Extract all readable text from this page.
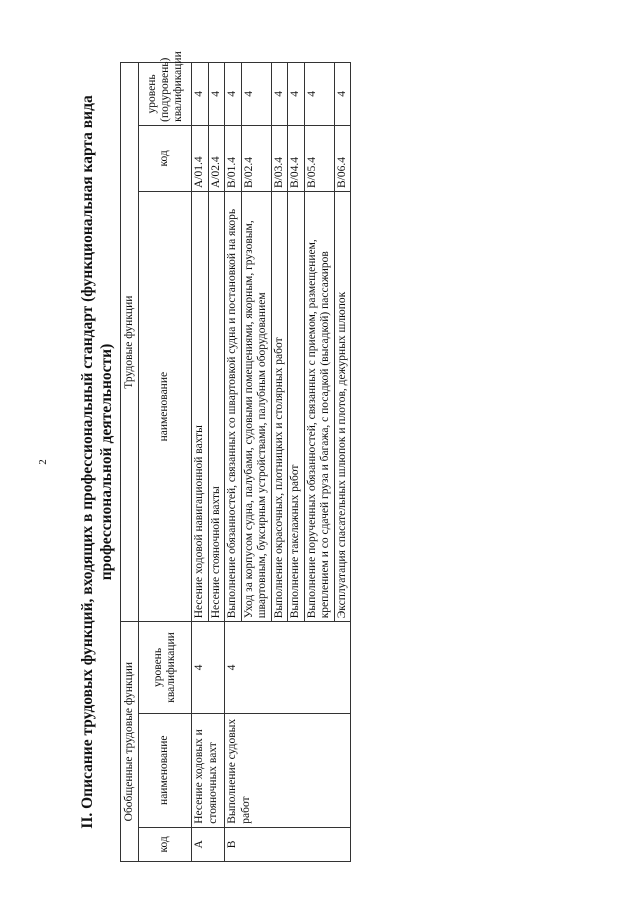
2 II. Описание трудовых функций, входящих в профессиональный стандарт (функциональная карта вида профессиональной деятельности)
Обобщенные трудовые функции			Трудовые функции		
код	наименование	уровень квалификации	наименование	код	уровень (подуровень) квалификации
А	Несение ходовых и стояночных вахт	4	Несение ходовой навигационной вахты	А/01.4	4
			Несение стояночной вахты	А/02.4	4
В	Выполнение судовых работ	4	Выполнение обязанностей, связанных со швартовкой судна и постановкой на якорь	В/01.4	4
			Уход за корпусом судна, палубами, судовыми помещениями, якорным, грузовым, швартовным, буксирным устройствами, палубным оборудованием	В/02.4	4
			Выполнение окрасочных, плотницких и столярных работ	В/03.4	4
			Выполнение такелажных работ	В/04.4	4
			Выполнение порученных обязанностей, связанных с приемом, размещением, креплением и со сдачей груза и багажа, с посадкой (высадкой) пассажиров	В/05.4	4
			Эксплуатация спасательных шлюпок и плотов, дежурных шлюпок	В/06.4	4
